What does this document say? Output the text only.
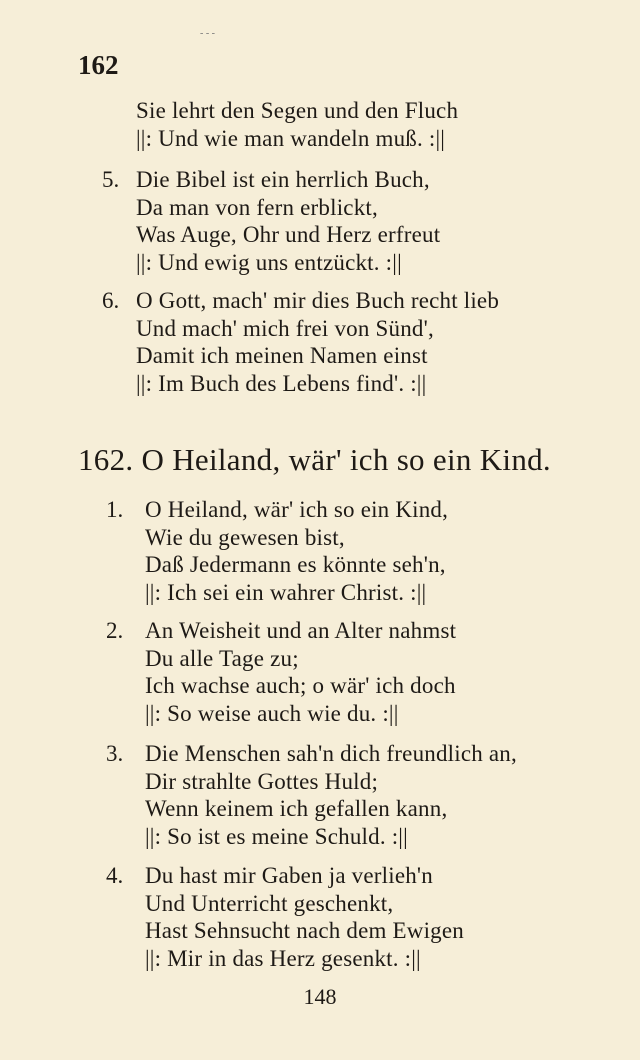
- - -
162
Sie lehrt den Segen und den Fluch
||: Und wie man wandeln muß. :||
5. Die Bibel ist ein herrlich Buch,
Da man von fern erblickt,
Was Auge, Ohr und Herz erfreut
||: Und ewig uns entzückt. :||
6. O Gott, mach' mir dies Buch recht lieb
Und mach' mich frei von Sünd',
Damit ich meinen Namen einst
||: Im Buch des Lebens find'. :||
162. O Heiland, wär' ich so ein Kind.
1. O Heiland, wär' ich so ein Kind,
Wie du gewesen bist,
Daß Jedermann es könnte seh'n,
||: Ich sei ein wahrer Christ. :||
2. An Weisheit und an Alter nahmst
Du alle Tage zu;
Ich wachse auch; o wär' ich doch
||: So weise auch wie du. :||
3. Die Menschen sah'n dich freundlich an,
Dir strahlte Gottes Huld;
Wenn keinem ich gefallen kann,
||: So ist es meine Schuld. :||
4. Du hast mir Gaben ja verlieh'n
Und Unterricht geschenkt,
Hast Sehnsucht nach dem Ewigen
||: Mir in das Herz gesenkt. :||
148
